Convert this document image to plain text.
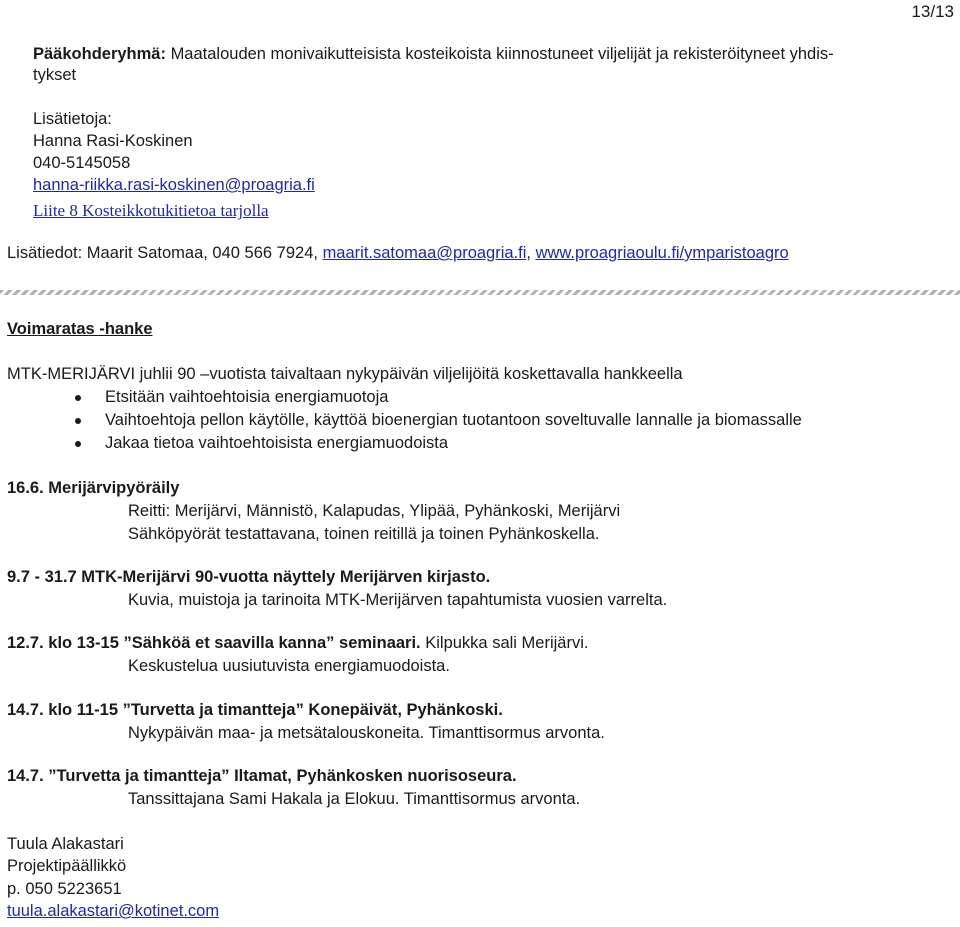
13/13
Pääkohderyhmä: Maatalouden monivaikutteisista kosteikoista kiinnostuneet viljelijät ja rekisteröityneet yhdis-
tykset
Lisätietoja:
Hanna Rasi-Koskinen
040-5145058
hanna-riikka.rasi-koskinen@proagria.fi
Liite 8 Kosteikkotukitietoa tarjolla
Lisätiedot: Maarit Satomaa, 040 566 7924, maarit.satomaa@proagria.fi, www.proagriaoulu.fi/ymparistoagro
Voimaratas -hanke
MTK-MERIJÄRVI juhlii 90 –vuotista taivaltaan nykypäivän viljelijöitä koskettavalla hankkeella
Etsitään vaihtoehtoisia energiamuotoja
Vaihtoehtoja pellon käytölle, käyttöä bioenergian tuotantoon soveltuvalle lannalle ja biomassalle
Jakaa tietoa vaihtoehtoisista energiamuodoista
16.6. Merijärvipyöräily
Reitti: Merijärvi, Männistö, Kalapudas, Ylipää, Pyhänkoski, Merijärvi
Sähköpyörät testattavana, toinen reitillä ja toinen Pyhänkoskella.
9.7 - 31.7 MTK-Merijärvi 90-vuotta näyttely Merijärven kirjasto.
Kuvia, muistoja ja tarinoita MTK-Merijärven tapahtumista vuosien varrelta.
12.7. klo 13-15 ”Sähköä et saavilla kanna” seminaari. Kilpukka sali Merijärvi.
Keskustelua uusiutuvista energiamuodoista.
14.7. klo 11-15 ”Turvetta ja timantteja” Konepäivät, Pyhänkoski.
Nykypäivän maa- ja metsätalouskoneita. Timanttisormus arvonta.
14.7. ”Turvetta ja timantteja” Iltamat, Pyhänkosken nuorisoseura.
Tanssittajana Sami Hakala ja Elokuu. Timanttisormus arvonta.
Tuula Alakastari
Projektipäällikkö
p. 050 5223651
tuula.alakastari@kotinet.com
